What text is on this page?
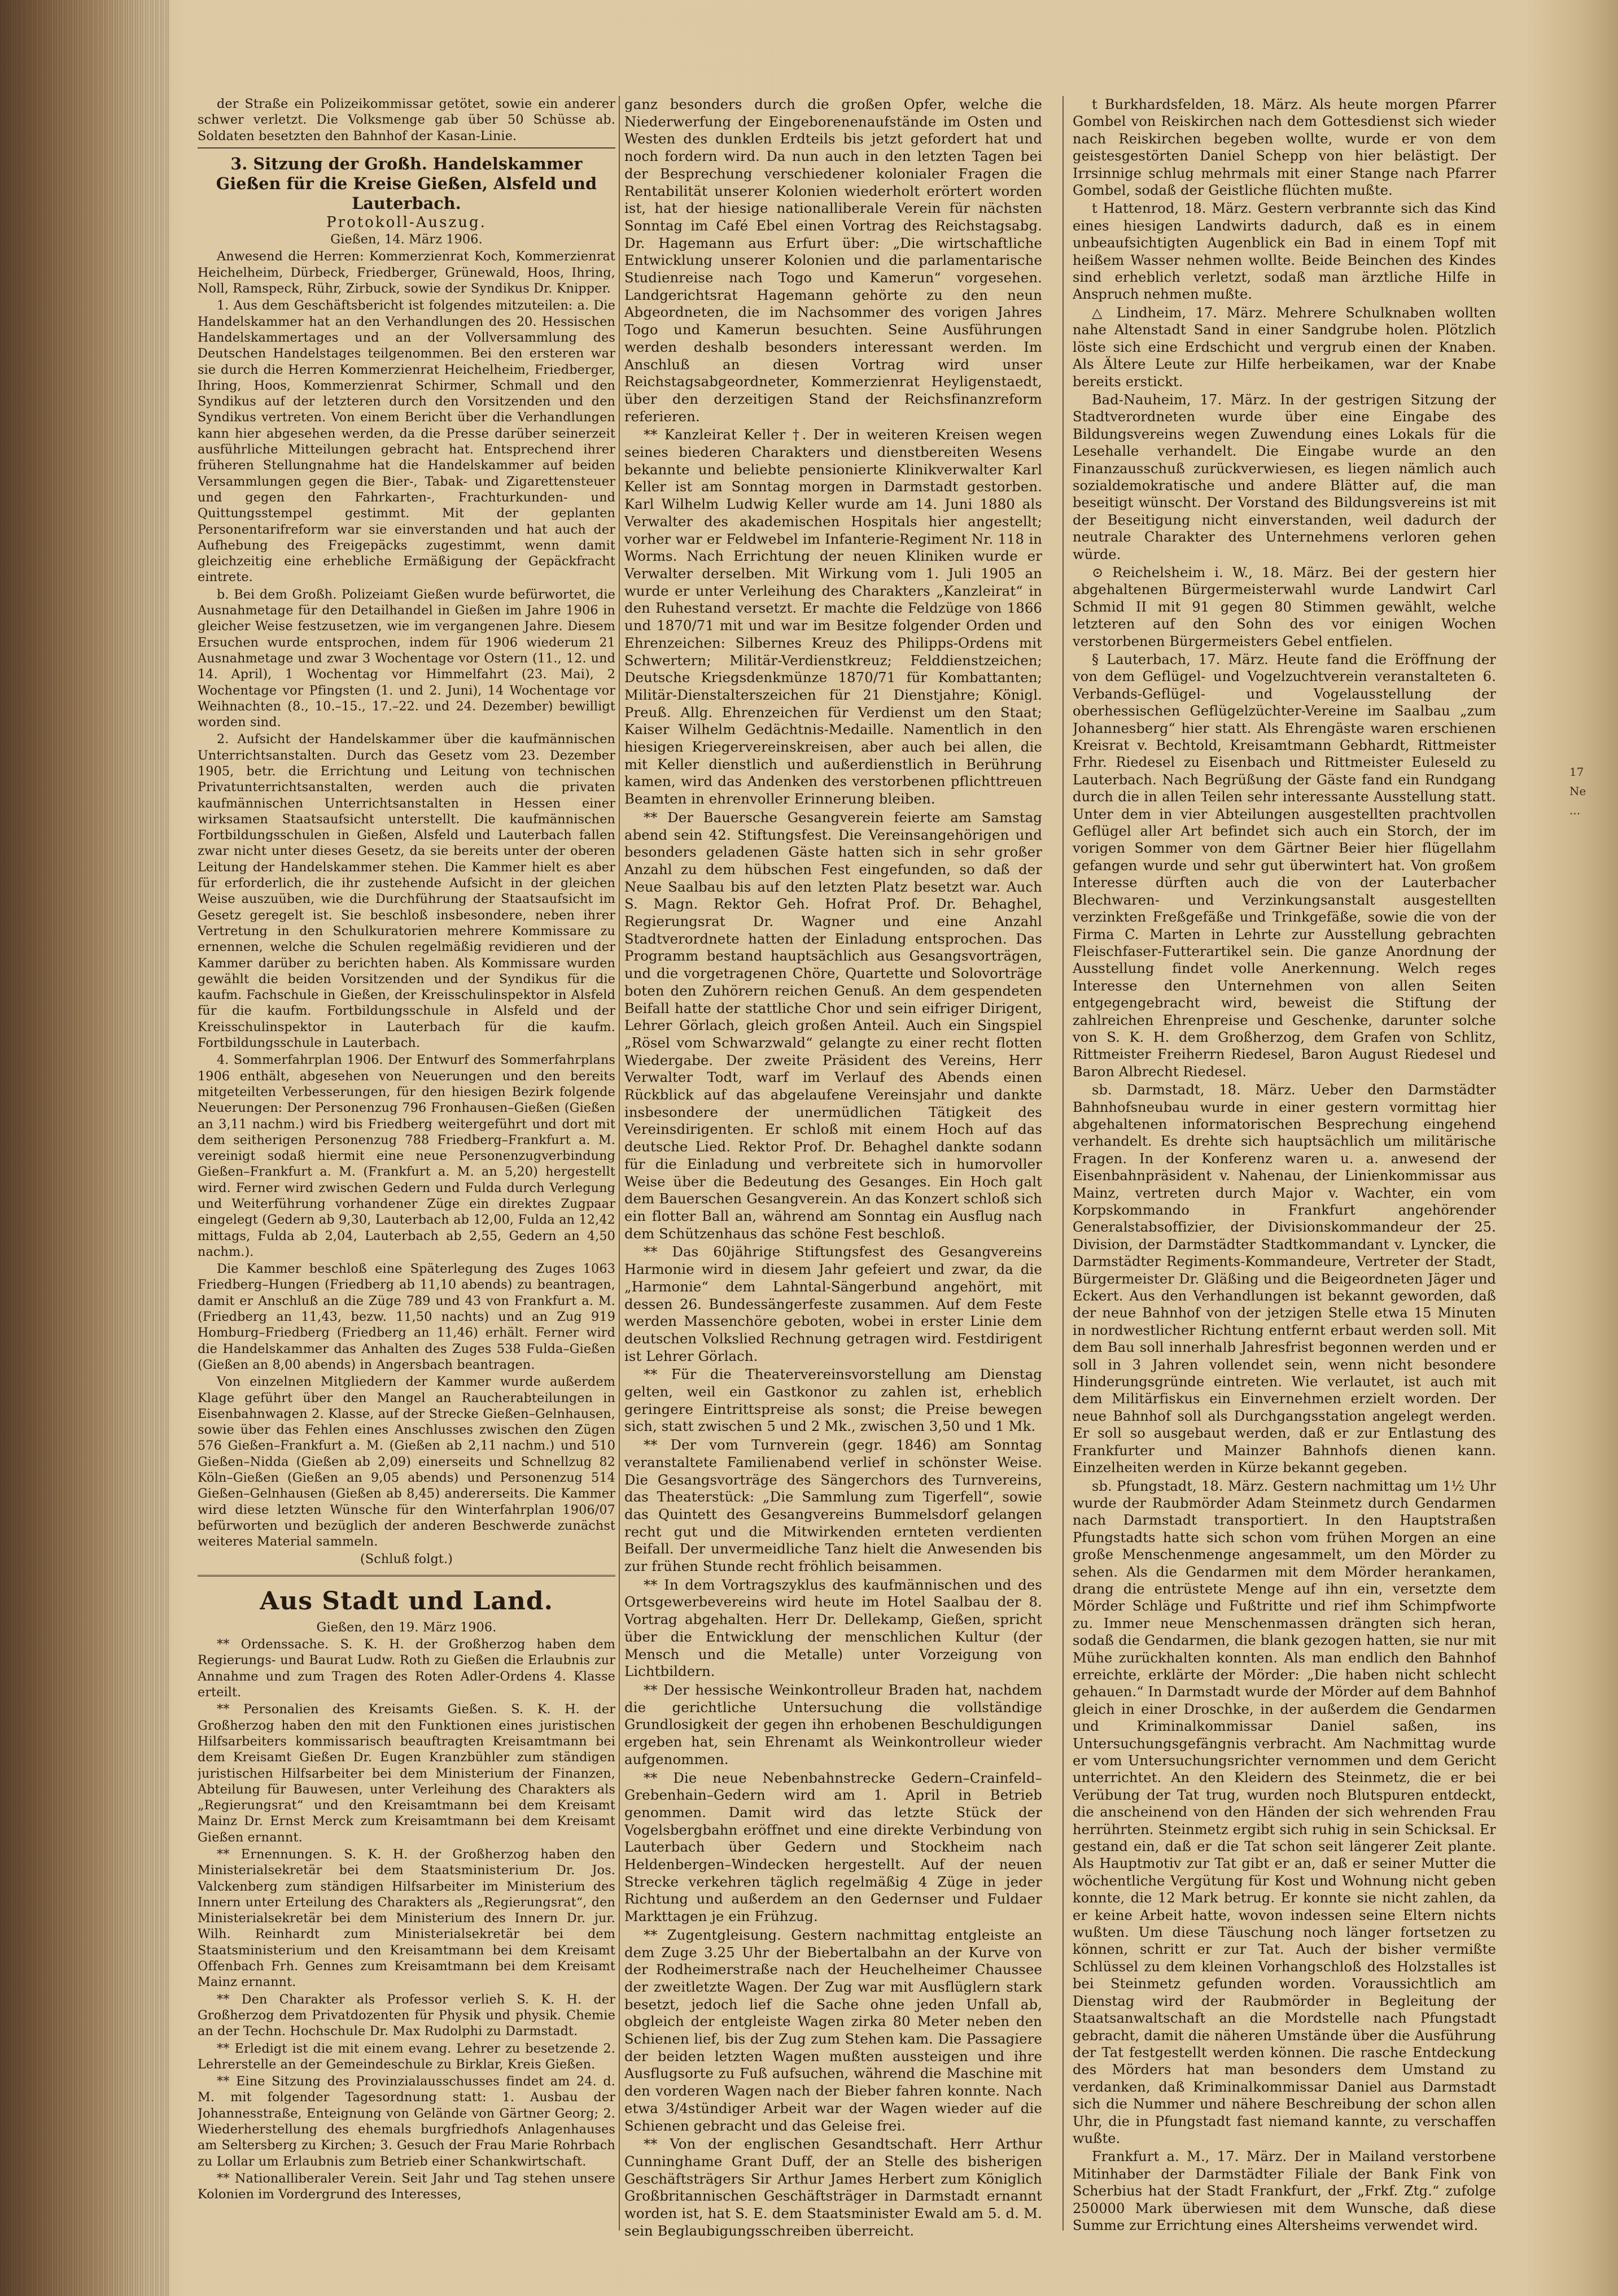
der Straße ein Polizeikommissar getötet, sowie ein anderer schwer verletzt. Die Volksmenge gab über 50 Schüsse ab. Soldaten besetzten den Bahnhof der Kasan-Linie.

3. Sitzung der Großh. Handelskammer Gießen für die Kreise Gießen, Alsfeld und Lauterbach.

Protokoll-Auszug.

Gießen, 14. März 1906.

Anwesend die Herren: Kommerzienrat Koch, Kommerzienrat Heichelheim, Dürbeck, Friedberger, Grünewald, Hoos, Ihring, Noll, Ramspeck, Rühr, Zirbuck, sowie der Syndikus Dr. Knipper.

1. Aus dem Geschäftsbericht ist folgendes mitzuteilen: a. Die Handelskammer hat an den Verhandlungen des 20. Hessischen Handelskammertages und an der Vollversammlung des Deutschen Handelstages teilgenommen. Bei den ersteren war sie durch die Herren Kommerzienrat Heichelheim, Friedberger, Ihring, Hoos, Kommerzienrat Schirmer, Schmall und den Syndikus auf der letzteren durch den Vorsitzenden und den Syndikus vertreten. Von einem Bericht über die Verhandlungen kann hier abgesehen werden, da die Presse darüber seinerzeit ausführliche Mitteilungen gebracht hat. Entsprechend ihrer früheren Stellungnahme hat die Handelskammer auf beiden Versammlungen gegen die Bier-, Tabak- und Zigarettensteuer und gegen den Fahrkarten-, Frachturkunden- und Quittungsstempel gestimmt. Mit der geplanten Personentarifreform war sie einverstanden und hat auch der Aufhebung des Freigepäcks zugestimmt, wenn damit gleichzeitig eine erhebliche Ermäßigung der Gepäckfracht eintrete.

b. Bei dem Großh. Polizeiamt Gießen wurde befürwortet, die Ausnahmetage für den Detailhandel in Gießen im Jahre 1906 in gleicher Weise festzusetzen, wie im vergangenen Jahre. Diesem Ersuchen wurde entsprochen, indem für 1906 wiederum 21 Ausnahmetage und zwar 3 Wochentage vor Ostern (11., 12. und 14. April), 1 Wochentag vor Himmelfahrt (23. Mai), 2 Wochentage vor Pfingsten (1. und 2. Juni), 14 Wochentage vor Weihnachten (8., 10.–15., 17.–22. und 24. Dezember) bewilligt worden sind.

2. Aufsicht der Handelskammer über die kaufmännischen Unterrichtsanstalten. Durch das Gesetz vom 23. Dezember 1905, betr. die Errichtung und Leitung von technischen Privatunterrichtsanstalten, werden auch die privaten kaufmännischen Unterrichtsanstalten in Hessen einer wirksamen Staatsaufsicht unterstellt. Die kaufmännischen Fortbildungsschulen in Gießen, Alsfeld und Lauterbach fallen zwar nicht unter dieses Gesetz, da sie bereits unter der oberen Leitung der Handelskammer stehen. Die Kammer hielt es aber für erforderlich, die ihr zustehende Aufsicht in der gleichen Weise auszuüben, wie die Durchführung der Staatsaufsicht im Gesetz geregelt ist. Sie beschloß insbesondere, neben ihrer Vertretung in den Schulkuratorien mehrere Kommissare zu ernennen, welche die Schulen regelmäßig revidieren und der Kammer darüber zu berichten haben. Als Kommissare wurden gewählt die beiden Vorsitzenden und der Syndikus für die kaufm. Fachschule in Gießen, der Kreisschulinspektor in Alsfeld für die kaufm. Fortbildungsschule in Alsfeld und der Kreisschulinspektor in Lauterbach für die kaufm. Fortbildungsschule in Lauterbach.

4. Sommerfahrplan 1906. Der Entwurf des Sommerfahrplans 1906 enthält, abgesehen von Neuerungen und den bereits mitgeteilten Verbesserungen, für den hiesigen Bezirk folgende Neuerungen: Der Personenzug 796 Fronhausen–Gießen (Gießen an 3,11 nachm.) wird bis Friedberg weitergeführt und dort mit dem seitherigen Personenzug 788 Friedberg–Frankfurt a. M. vereinigt sodaß hiermit eine neue Personenzugverbindung Gießen–Frankfurt a. M. (Frankfurt a. M. an 5,20) hergestellt wird. Ferner wird zwischen Gedern und Fulda durch Verlegung und Weiterführung vorhandener Züge ein direktes Zugpaar eingelegt (Gedern ab 9,30, Lauterbach ab 12,00, Fulda an 12,42 mittags, Fulda ab 2,04, Lauterbach ab 2,55, Gedern an 4,50 nachm.).

Die Kammer beschloß eine Späterlegung des Zuges 1063 Friedberg–Hungen (Friedberg ab 11,10 abends) zu beantragen, damit er Anschluß an die Züge 789 und 43 von Frankfurt a. M. (Friedberg an 11,43, bezw. 11,50 nachts) und an Zug 919 Homburg–Friedberg (Friedberg an 11,46) erhält. Ferner wird die Handelskammer das Anhalten des Zuges 538 Fulda–Gießen (Gießen an 8,00 abends) in Angersbach beantragen.

Von einzelnen Mitgliedern der Kammer wurde außerdem Klage geführt über den Mangel an Raucherabteilungen in Eisenbahnwagen 2. Klasse, auf der Strecke Gießen–Gelnhausen, sowie über das Fehlen eines Anschlusses zwischen den Zügen 576 Gießen–Frankfurt a. M. (Gießen ab 2,11 nachm.) und 510 Gießen–Nidda (Gießen ab 2,09) einerseits und Schnellzug 82 Köln–Gießen (Gießen an 9,05 abends) und Personenzug 514 Gießen–Gelnhausen (Gießen ab 8,45) andererseits. Die Kammer wird diese letzten Wünsche für den Winterfahrplan 1906/07 befürworten und bezüglich der anderen Beschwerde zunächst weiteres Material sammeln.

(Schluß folgt.)

Aus Stadt und Land.

Gießen, den 19. März 1906.

** Ordenssache. S. K. H. der Großherzog haben dem Regierungs- und Baurat Ludw. Roth zu Gießen die Erlaubnis zur Annahme und zum Tragen des Roten Adler-Ordens 4. Klasse erteilt.

** Personalien des Kreisamts Gießen. S. K. H. der Großherzog haben den mit den Funktionen eines juristischen Hilfsarbeiters kommissarisch beauftragten Kreisamtmann bei dem Kreisamt Gießen Dr. Eugen Kranzbühler zum ständigen juristischen Hilfsarbeiter bei dem Ministerium der Finanzen, Abteilung für Bauwesen, unter Verleihung des Charakters als „Regierungsrat“ und den Kreisamtmann bei dem Kreisamt Mainz Dr. Ernst Merck zum Kreisamtmann bei dem Kreisamt Gießen ernannt.

** Ernennungen. S. K. H. der Großherzog haben den Ministerialsekretär bei dem Staatsministerium Dr. Jos. Valckenberg zum ständigen Hilfsarbeiter im Ministerium des Innern unter Erteilung des Charakters als „Regierungsrat“, den Ministerialsekretär bei dem Ministerium des Innern Dr. jur. Wilh. Reinhardt zum Ministerialsekretär bei dem Staatsministerium und den Kreisamtmann bei dem Kreisamt Offenbach Frh. Gennes zum Kreisamtmann bei dem Kreisamt Mainz ernannt.

** Den Charakter als Professor verlieh S. K. H. der Großherzog dem Privatdozenten für Physik und physik. Chemie an der Techn. Hochschule Dr. Max Rudolphi zu Darmstadt.

** Erledigt ist die mit einem evang. Lehrer zu besetzende 2. Lehrerstelle an der Gemeindeschule zu Birklar, Kreis Gießen.

** Eine Sitzung des Provinzialausschusses findet am 24. d. M. mit folgender Tagesordnung statt: 1. Ausbau der Johannesstraße, Enteignung von Gelände von Gärtner Georg; 2. Wiederherstellung des ehemals burgfriedhofs Anlagenhauses am Seltersberg zu Kirchen; 3. Gesuch der Frau Marie Rohrbach zu Lollar um Erlaubnis zum Betrieb einer Schankwirtschaft.

** Nationalliberaler Verein. Seit Jahr und Tag stehen unsere Kolonien im Vordergrund des Interesses,

ganz besonders durch die großen Opfer, welche die Niederwerfung der Eingeborenenaufstände im Osten und Westen des dunklen Erdteils bis jetzt gefordert hat und noch fordern wird. Da nun auch in den letzten Tagen bei der Besprechung verschiedener kolonialer Fragen die Rentabilität unserer Kolonien wiederholt erörtert worden ist, hat der hiesige nationalliberale Verein für nächsten Sonntag im Café Ebel einen Vortrag des Reichstagsabg. Dr. Hagemann aus Erfurt über: „Die wirtschaftliche Entwicklung unserer Kolonien und die parlamentarische Studienreise nach Togo und Kamerun“ vorgesehen. Landgerichtsrat Hagemann gehörte zu den neun Abgeordneten, die im Nachsommer des vorigen Jahres Togo und Kamerun besuchten. Seine Ausführungen werden deshalb besonders interessant werden. Im Anschluß an diesen Vortrag wird unser Reichstagsabgeordneter, Kommerzienrat Heyligenstaedt, über den derzeitigen Stand der Reichsfinanzreform referieren.

** Kanzleirat Keller †. Der in weiteren Kreisen wegen seines biederen Charakters und dienstbereiten Wesens bekannte und beliebte pensionierte Klinikverwalter Karl Keller ist am Sonntag morgen in Darmstadt gestorben. Karl Wilhelm Ludwig Keller wurde am 14. Juni 1880 als Verwalter des akademischen Hospitals hier angestellt; vorher war er Feldwebel im Infanterie-Regiment Nr. 118 in Worms. Nach Errichtung der neuen Kliniken wurde er Verwalter derselben. Mit Wirkung vom 1. Juli 1905 an wurde er unter Verleihung des Charakters „Kanzleirat“ in den Ruhestand versetzt. Er machte die Feldzüge von 1866 und 1870/71 mit und war im Besitze folgender Orden und Ehrenzeichen: Silbernes Kreuz des Philipps-Ordens mit Schwertern; Militär-Verdienstkreuz; Felddienstzeichen; Deutsche Kriegsdenkmünze 1870/71 für Kombattanten; Militär-Dienstalterszeichen für 21 Dienstjahre; Königl. Preuß. Allg. Ehrenzeichen für Verdienst um den Staat; Kaiser Wilhelm Gedächtnis-Medaille. Namentlich in den hiesigen Kriegervereinskreisen, aber auch bei allen, die mit Keller dienstlich und außerdienstlich in Berührung kamen, wird das Andenken des verstorbenen pflichttreuen Beamten in ehrenvoller Erinnerung bleiben.

** Der Bauersche Gesangverein feierte am Samstag abend sein 42. Stiftungsfest. Die Vereinsangehörigen und besonders geladenen Gäste hatten sich in sehr großer Anzahl zu dem hübschen Fest eingefunden, so daß der Neue Saalbau bis auf den letzten Platz besetzt war. Auch S. Magn. Rektor Geh. Hofrat Prof. Dr. Behaghel, Regierungsrat Dr. Wagner und eine Anzahl Stadtverordnete hatten der Einladung entsprochen. Das Programm bestand hauptsächlich aus Gesangsvorträgen, und die vorgetragenen Chöre, Quartette und Solovorträge boten den Zuhörern reichen Genuß. An dem gespendeten Beifall hatte der stattliche Chor und sein eifriger Dirigent, Lehrer Görlach, gleich großen Anteil. Auch ein Singspiel „Rösel vom Schwarzwald“ gelangte zu einer recht flotten Wiedergabe. Der zweite Präsident des Vereins, Herr Verwalter Todt, warf im Verlauf des Abends einen Rückblick auf das abgelaufene Vereinsjahr und dankte insbesondere der unermüdlichen Tätigkeit des Vereinsdirigenten. Er schloß mit einem Hoch auf das deutsche Lied. Rektor Prof. Dr. Behaghel dankte sodann für die Einladung und verbreitete sich in humorvoller Weise über die Bedeutung des Gesanges. Ein Hoch galt dem Bauerschen Gesangverein. An das Konzert schloß sich ein flotter Ball an, während am Sonntag ein Ausflug nach dem Schützenhaus das schöne Fest beschloß.

** Das 60jährige Stiftungsfest des Gesangvereins Harmonie wird in diesem Jahr gefeiert und zwar, da die „Harmonie“ dem Lahntal-Sängerbund angehört, mit dessen 26. Bundessängerfeste zusammen. Auf dem Feste werden Massenchöre geboten, wobei in erster Linie dem deutschen Volkslied Rechnung getragen wird. Festdirigent ist Lehrer Görlach.

** Für die Theatervereinsvorstellung am Dienstag gelten, weil ein Gastkonor zu zahlen ist, erheblich geringere Eintrittspreise als sonst; die Preise bewegen sich, statt zwischen 5 und 2 Mk., zwischen 3,50 und 1 Mk.

** Der vom Turnverein (gegr. 1846) am Sonntag veranstaltete Familienabend verlief in schönster Weise. Die Gesangsvorträge des Sängerchors des Turnvereins, das Theaterstück: „Die Sammlung zum Tigerfell“, sowie das Quintett des Gesangvereins Bummelsdorf gelangen recht gut und die Mitwirkenden ernteten verdienten Beifall. Der unvermeidliche Tanz hielt die Anwesenden bis zur frühen Stunde recht fröhlich beisammen.

** In dem Vortragszyklus des kaufmännischen und des Ortsgewerbevereins wird heute im Hotel Saalbau der 8. Vortrag abgehalten. Herr Dr. Dellekamp, Gießen, spricht über die Entwicklung der menschlichen Kultur (der Mensch und die Metalle) unter Vorzeigung von Lichtbildern.

** Der hessische Weinkontrolleur Braden hat, nachdem die gerichtliche Untersuchung die vollständige Grundlosigkeit der gegen ihn erhobenen Beschuldigungen ergeben hat, sein Ehrenamt als Weinkontrolleur wieder aufgenommen.

** Die neue Nebenbahnstrecke Gedern–Crainfeld–Grebenhain–Gedern wird am 1. April in Betrieb genommen. Damit wird das letzte Stück der Vogelsbergbahn eröffnet und eine direkte Verbindung von Lauterbach über Gedern und Stockheim nach Heldenbergen–Windecken hergestellt. Auf der neuen Strecke verkehren täglich regelmäßig 4 Züge in jeder Richtung und außerdem an den Gedernser und Fuldaer Markttagen je ein Frühzug.

** Zugentgleisung. Gestern nachmittag entgleiste an dem Zuge 3.25 Uhr der Biebertalbahn an der Kurve von der Rodheimerstraße nach der Heuchelheimer Chaussee der zweitletzte Wagen. Der Zug war mit Ausflüglern stark besetzt, jedoch lief die Sache ohne jeden Unfall ab, obgleich der entgleiste Wagen zirka 80 Meter neben den Schienen lief, bis der Zug zum Stehen kam. Die Passagiere der beiden letzten Wagen mußten aussteigen und ihre Ausflugsorte zu Fuß aufsuchen, während die Maschine mit den vorderen Wagen nach der Bieber fahren konnte. Nach etwa 3/4stündiger Arbeit war der Wagen wieder auf die Schienen gebracht und das Geleise frei.

** Von der englischen Gesandtschaft. Herr Arthur Cunninghame Grant Duff, der an Stelle des bisherigen Geschäftsträgers Sir Arthur James Herbert zum Königlich Großbritannischen Geschäftsträger in Darmstadt ernannt worden ist, hat S. E. dem Staatsminister Ewald am 5. d. M. sein Beglaubigungsschreiben überreicht.

t Burkhardsfelden, 18. März. Als heute morgen Pfarrer Gombel von Reiskirchen nach dem Gottesdienst sich wieder nach Reiskirchen begeben wollte, wurde er von dem geistesgestörten Daniel Schepp von hier belästigt. Der Irrsinnige schlug mehrmals mit einer Stange nach Pfarrer Gombel, sodaß der Geistliche flüchten mußte.

t Hattenrod, 18. März. Gestern verbrannte sich das Kind eines hiesigen Landwirts dadurch, daß es in einem unbeaufsichtigten Augenblick ein Bad in einem Topf mit heißem Wasser nehmen wollte. Beide Beinchen des Kindes sind erheblich verletzt, sodaß man ärztliche Hilfe in Anspruch nehmen mußte.

△ Lindheim, 17. März. Mehrere Schulknaben wollten nahe Altenstadt Sand in einer Sandgrube holen. Plötzlich löste sich eine Erdschicht und vergrub einen der Knaben. Als Ältere Leute zur Hilfe herbeikamen, war der Knabe bereits erstickt.

Bad-Nauheim, 17. März. In der gestrigen Sitzung der Stadtverordneten wurde über eine Eingabe des Bildungsvereins wegen Zuwendung eines Lokals für die Lesehalle verhandelt. Die Eingabe wurde an den Finanzausschuß zurückverwiesen, es liegen nämlich auch sozialdemokratische und andere Blätter auf, die man beseitigt wünscht. Der Vorstand des Bildungsvereins ist mit der Beseitigung nicht einverstanden, weil dadurch der neutrale Charakter des Unternehmens verloren gehen würde.

⊙ Reichelsheim i. W., 18. März. Bei der gestern hier abgehaltenen Bürgermeisterwahl wurde Landwirt Carl Schmid II mit 91 gegen 80 Stimmen gewählt, welche letzteren auf den Sohn des vor einigen Wochen verstorbenen Bürgermeisters Gebel entfielen.

§ Lauterbach, 17. März. Heute fand die Eröffnung der von dem Geflügel- und Vogelzuchtverein veranstalteten 6. Verbands-Geflügel- und Vogelausstellung der oberhessischen Geflügelzüchter-Vereine im Saalbau „zum Johannesberg“ hier statt. Als Ehrengäste waren erschienen Kreisrat v. Bechtold, Kreisamtmann Gebhardt, Rittmeister Frhr. Riedesel zu Eisenbach und Rittmeister Euleseld zu Lauterbach. Nach Begrüßung der Gäste fand ein Rundgang durch die in allen Teilen sehr interessante Ausstellung statt. Unter dem in vier Abteilungen ausgestellten prachtvollen Geflügel aller Art befindet sich auch ein Storch, der im vorigen Sommer von dem Gärtner Beier hier flügellahm gefangen wurde und sehr gut überwintert hat. Von großem Interesse dürften auch die von der Lauterbacher Blechwaren- und Verzinkungsanstalt ausgestellten verzinkten Freßgefäße und Trinkgefäße, sowie die von der Firma C. Marten in Lehrte zur Ausstellung gebrachten Fleischfaser-Futterartikel sein. Die ganze Anordnung der Ausstellung findet volle Anerkennung. Welch reges Interesse den Unternehmen von allen Seiten entgegengebracht wird, beweist die Stiftung der zahlreichen Ehrenpreise und Geschenke, darunter solche von S. K. H. dem Großherzog, dem Grafen von Schlitz, Rittmeister Freiherrn Riedesel, Baron August Riedesel und Baron Albrecht Riedesel.

sb. Darmstadt, 18. März. Ueber den Darmstädter Bahnhofsneubau wurde in einer gestern vormittag hier abgehaltenen informatorischen Besprechung eingehend verhandelt. Es drehte sich hauptsächlich um militärische Fragen. In der Konferenz waren u. a. anwesend der Eisenbahnpräsident v. Nahenau, der Linienkommissar aus Mainz, vertreten durch Major v. Wachter, ein vom Korpskommando in Frankfurt angehörender Generalstabsoffizier, der Divisionskommandeur der 25. Division, der Darmstädter Stadtkommandant v. Lyncker, die Darmstädter Regiments-Kommandeure, Vertreter der Stadt, Bürgermeister Dr. Gläßing und die Beigeordneten Jäger und Eckert. Aus den Verhandlungen ist bekannt geworden, daß der neue Bahnhof von der jetzigen Stelle etwa 15 Minuten in nordwestlicher Richtung entfernt erbaut werden soll. Mit dem Bau soll innerhalb Jahresfrist begonnen werden und er soll in 3 Jahren vollendet sein, wenn nicht besondere Hinderungsgründe eintreten. Wie verlautet, ist auch mit dem Militärfiskus ein Einvernehmen erzielt worden. Der neue Bahnhof soll als Durchgangsstation angelegt werden. Er soll so ausgebaut werden, daß er zur Entlastung des Frankfurter und Mainzer Bahnhofs dienen kann. Einzelheiten werden in Kürze bekannt gegeben.

sb. Pfungstadt, 18. März. Gestern nachmittag um 1½ Uhr wurde der Raubmörder Adam Steinmetz durch Gendarmen nach Darmstadt transportiert. In den Hauptstraßen Pfungstadts hatte sich schon vom frühen Morgen an eine große Menschenmenge angesammelt, um den Mörder zu sehen. Als die Gendarmen mit dem Mörder herankamen, drang die entrüstete Menge auf ihn ein, versetzte dem Mörder Schläge und Fußtritte und rief ihm Schimpfworte zu. Immer neue Menschenmassen drängten sich heran, sodaß die Gendarmen, die blank gezogen hatten, sie nur mit Mühe zurückhalten konnten. Als man endlich den Bahnhof erreichte, erklärte der Mörder: „Die haben nicht schlecht gehauen.“ In Darmstadt wurde der Mörder auf dem Bahnhof gleich in einer Droschke, in der außerdem die Gendarmen und Kriminalkommissar Daniel saßen, ins Untersuchungsgefängnis verbracht. Am Nachmittag wurde er vom Untersuchungsrichter vernommen und dem Gericht unterrichtet. An den Kleidern des Steinmetz, die er bei Verübung der Tat trug, wurden noch Blutspuren entdeckt, die anscheinend von den Händen der sich wehrenden Frau herrührten. Steinmetz ergibt sich ruhig in sein Schicksal. Er gestand ein, daß er die Tat schon seit längerer Zeit plante. Als Hauptmotiv zur Tat gibt er an, daß er seiner Mutter die wöchentliche Vergütung für Kost und Wohnung nicht geben konnte, die 12 Mark betrug. Er konnte sie nicht zahlen, da er keine Arbeit hatte, wovon indessen seine Eltern nichts wußten. Um diese Täuschung noch länger fortsetzen zu können, schritt er zur Tat. Auch der bisher vermißte Schlüssel zu dem kleinen Vorhangschloß des Holzstalles ist bei Steinmetz gefunden worden. Voraussichtlich am Dienstag wird der Raubmörder in Begleitung der Staatsanwaltschaft an die Mordstelle nach Pfungstadt gebracht, damit die näheren Umstände über die Ausführung der Tat festgestellt werden können. Die rasche Entdeckung des Mörders hat man besonders dem Umstand zu verdanken, daß Kriminalkommissar Daniel aus Darmstadt sich die Nummer und nähere Beschreibung der schon allen Uhr, die in Pfungstadt fast niemand kannte, zu verschaffen wußte.

Frankfurt a. M., 17. März. Der in Mailand verstorbene Mitinhaber der Darmstädter Filiale der Bank Fink von Scherbius hat der Stadt Frankfurt, der „Frkf. Ztg.“ zufolge 250000 Mark überwiesen mit dem Wunsche, daß diese Summe zur Errichtung eines Altersheims verwendet wird.

17 Ne ...
